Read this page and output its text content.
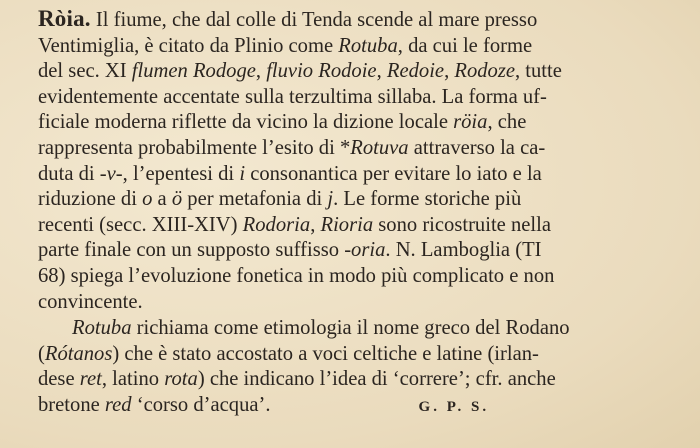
Ròia. Il fiume, che dal colle di Tenda scende al mare presso
Ventimiglia, è citato da Plinio come Rotuba, da cui le forme
del sec. XI flumen Rodoge, fluvio Rodoie, Redoie, Rodoze, tutte
evidentemente accentate sulla terzultima sillaba. La forma uf-
ficiale moderna riflette da vicino la dizione locale röia, che
rappresenta probabilmente l’esito di *Rotuva attraverso la ca-
duta di -v-, l’epentesi di i consonantica per evitare lo iato e la
riduzione di o a ö per metafonia di j. Le forme storiche più
recenti (secc. XIII-XIV) Rodoria, Rioria sono ricostruite nella
parte finale con un supposto suffisso -oria. N. Lamboglia (TI
68) spiega l’evoluzione fonetica in modo più complicato e non
convincente.

Rotuba richiama come etimologia il nome greco del Rodano
(Rótanos) che è stato accostato a voci celtiche e latine (irlan-
dese ret, latino rota) che indicano l’idea di ‘correre’; cfr. anche
bretone red ‘corso d’acqua’.	G. P. S.
